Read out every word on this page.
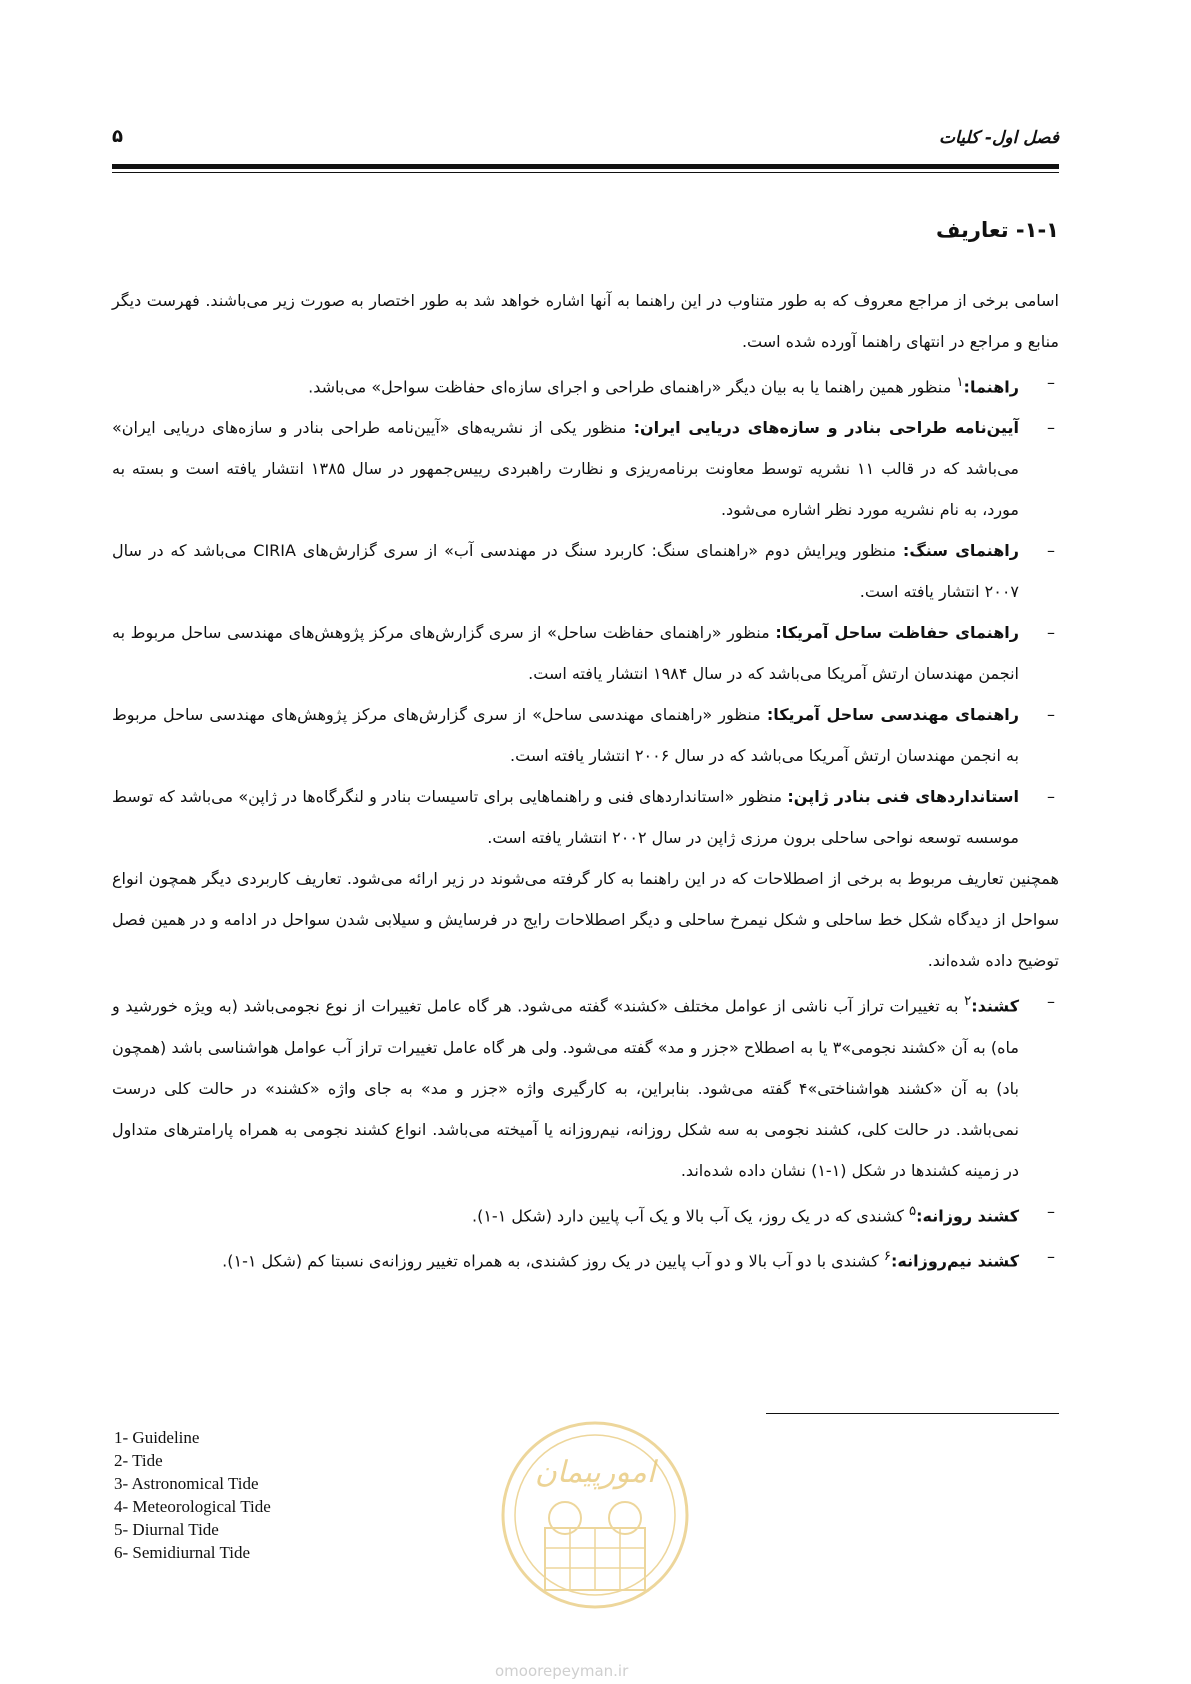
فصل اول- کلیات
۵
۱-۱- تعاریف

اسامی برخی از مراجع معروف که به طور متناوب در این راهنما به آنها اشاره خواهد شد به طور اختصار به صورت زیر می‌باشند. فهرست دیگر منابع و مراجع در انتهای راهنما آورده شده است.

–
راهنما:$^۱$ منظور همین راهنما یا به بیان دیگر «راهنمای طراحی و اجرای سازه‌ای حفاظت سواحل» می‌باشد.
–
آیین‌نامه طراحی بنادر و سازه‌های دریایی ایران: منظور یکی از نشریه‌های «آیین‌نامه طراحی بنادر و سازه‌های دریایی ایران» می‌باشد که در قالب ۱۱ نشریه توسط معاونت برنامه‌ریزی و نظارت راهبردی رییس‌جمهور در سال ۱۳۸۵ انتشار یافته است و بسته به مورد، به نام نشریه مورد نظر اشاره می‌شود.
–
راهنمای سنگ: منظور ویرایش دوم «راهنمای سنگ: کاربرد سنگ در مهندسی آب» از سری گزارش‌های CIRIA می‌باشد که در سال ۲۰۰۷ انتشار یافته است.
–
راهنمای حفاظت ساحل آمریکا: منظور «راهنمای حفاظت ساحل» از سری گزارش‌های مرکز پژوهش‌های مهندسی ساحل مربوط به انجمن مهندسان ارتش آمریکا می‌باشد که در سال ۱۹۸۴ انتشار یافته است.
–
راهنمای مهندسی ساحل آمریکا: منظور «راهنمای مهندسی ساحل» از سری گزارش‌های مرکز پژوهش‌های مهندسی ساحل مربوط به انجمن مهندسان ارتش آمریکا می‌باشد که در سال ۲۰۰۶ انتشار یافته است.
–
استانداردهای فنی بنادر ژاپن: منظور «استانداردهای فنی و راهنماهایی برای تاسیسات بنادر و لنگرگاه‌ها در ژاپن» می‌باشد که توسط موسسه توسعه نواحی ساحلی برون مرزی ژاپن در سال ۲۰۰۲ انتشار یافته است.

همچنین تعاریف مربوط به برخی از اصطلاحات که در این راهنما به کار گرفته می‌شوند در زیر ارائه می‌شود. تعاریف کاربردی دیگر همچون انواع سواحل از دیدگاه شکل خط ساحلی و شکل نیمرخ ساحلی و دیگر اصطلاحات رایج در فرسایش و سیلابی شدن سواحل در ادامه و در همین فصل توضیح داده شده‌اند.

–
کشند:$^۲$ به تغییرات تراز آب ناشی از عوامل مختلف «کشند» گفته می‌شود. هر گاه عامل تغییرات از نوع نجومی‌باشد (به ویژه خورشید و ماه) به آن «کشند نجومی»۳ یا به اصطلاح «جزر و مد» گفته می‌شود. ولی هر گاه عامل تغییرات تراز آب عوامل هواشناسی باشد (همچون باد) به آن «کشند هواشناختی»۴ گفته می‌شود. بنابراین، به کارگیری واژه «جزر و مد» به جای واژه «کشند» در حالت کلی درست نمی‌باشد. در حالت کلی، کشند نجومی به سه شکل روزانه، نیم‌روزانه یا آمیخته می‌باشد. انواع کشند نجومی به همراه پارامترهای متداول در زمینه کشندها در شکل (۱-۱) نشان داده شده‌اند.
–
کشند روزانه:$^۵$ کشندی که در یک روز، یک آب بالا و یک آب پایین دارد (شکل ۱-۱).
–
کشند نیم‌روزانه:$^۶$ کشندی با دو آب بالا و دو آب پایین در یک روز کشندی، به همراه تغییر روزانه‌ی نسبتا کم (شکل ۱-۱).
1- Guideline
2- Tide
3- Astronomical Tide
4- Meteorological Tide
5- Diurnal Tide
6- Semidiurnal Tide
امورپیمان
omoorepeyman.ir
